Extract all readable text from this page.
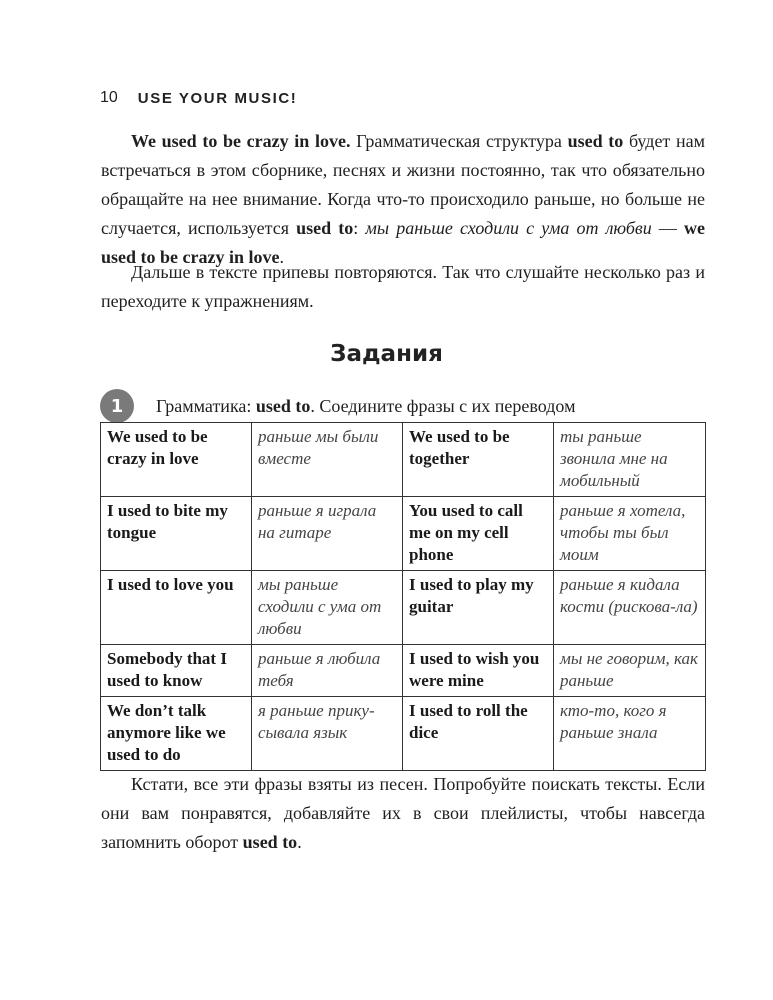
10 USE YOUR MUSIC!

We used to be crazy in love. Грамматическая структура used to будет нам встречаться в этом сборнике, песнях и жизни постоянно, так что обязательно обращайте на нее внимание. Когда что-то происходило раньше, но больше не случается, используется used to: мы раньше сходили с ума от любви — we used to be crazy in love.

Дальше в тексте припевы повторяются. Так что слушайте несколько раз и переходите к упражнениям.

Задания
1	Грамматика: used to. Соедините фразы с их переводом
We used to be crazy in love	раньше мы были вместе	We used to be together	ты раньше звонила мне на мобильный
I used to bite my tongue	раньше я играла на гитаре	You used to call me on my cell phone	раньше я хотела, чтобы ты был моим
I used to love you	мы раньше сходили с ума от любви	I used to play my guitar	раньше я кидала кости (рискова-ла)
Somebody that I used to know	раньше я любила тебя	I used to wish you were mine	мы не говорим, как раньше
We don’t talk anymore like we used to do	я раньше прику-сывала язык	I used to roll the dice	кто-то, кого я раньше знала

Кстати, все эти фразы взяты из песен. Попробуйте поискать тексты. Если они вам понравятся, добавляйте их в свои плейлисты, чтобы навсегда запомнить оборот used to.
